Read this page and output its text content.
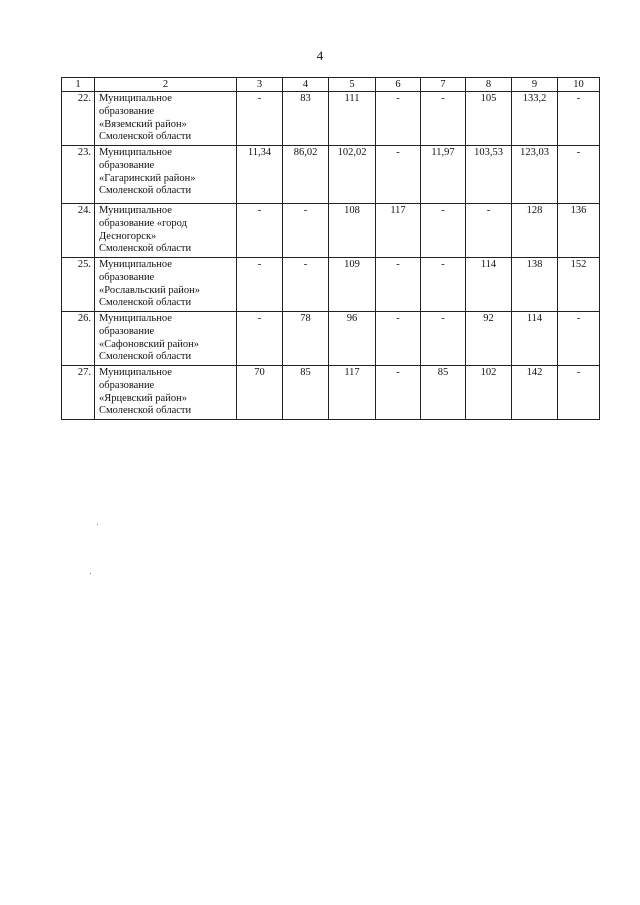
4
1	2	3	4	5	6	7	8	9	10
22.	Муниципальное
образование
«Вяземский район»
Смоленской области	-	83	111	-	-	105	133,2	-
23.	Муниципальное
образование
«Гагаринский район»
Смоленской области	11,34	86,02	102,02	-	11,97	103,53	123,03	-
24.	Муниципальное
образование «город
Десногорск»
Смоленской области	-	-	108	117	-	-	128	136
25.	Муниципальное
образование
«Рославльский район»
Смоленской области	-	-	109	-	-	114	138	152
26.	Муниципальное
образование
«Сафоновский район»
Смоленской области	-	78	96	-	-	92	114	-
27.	Муниципальное
образование
«Ярцевский район»
Смоленской области	70	85	117	-	85	102	142	-
